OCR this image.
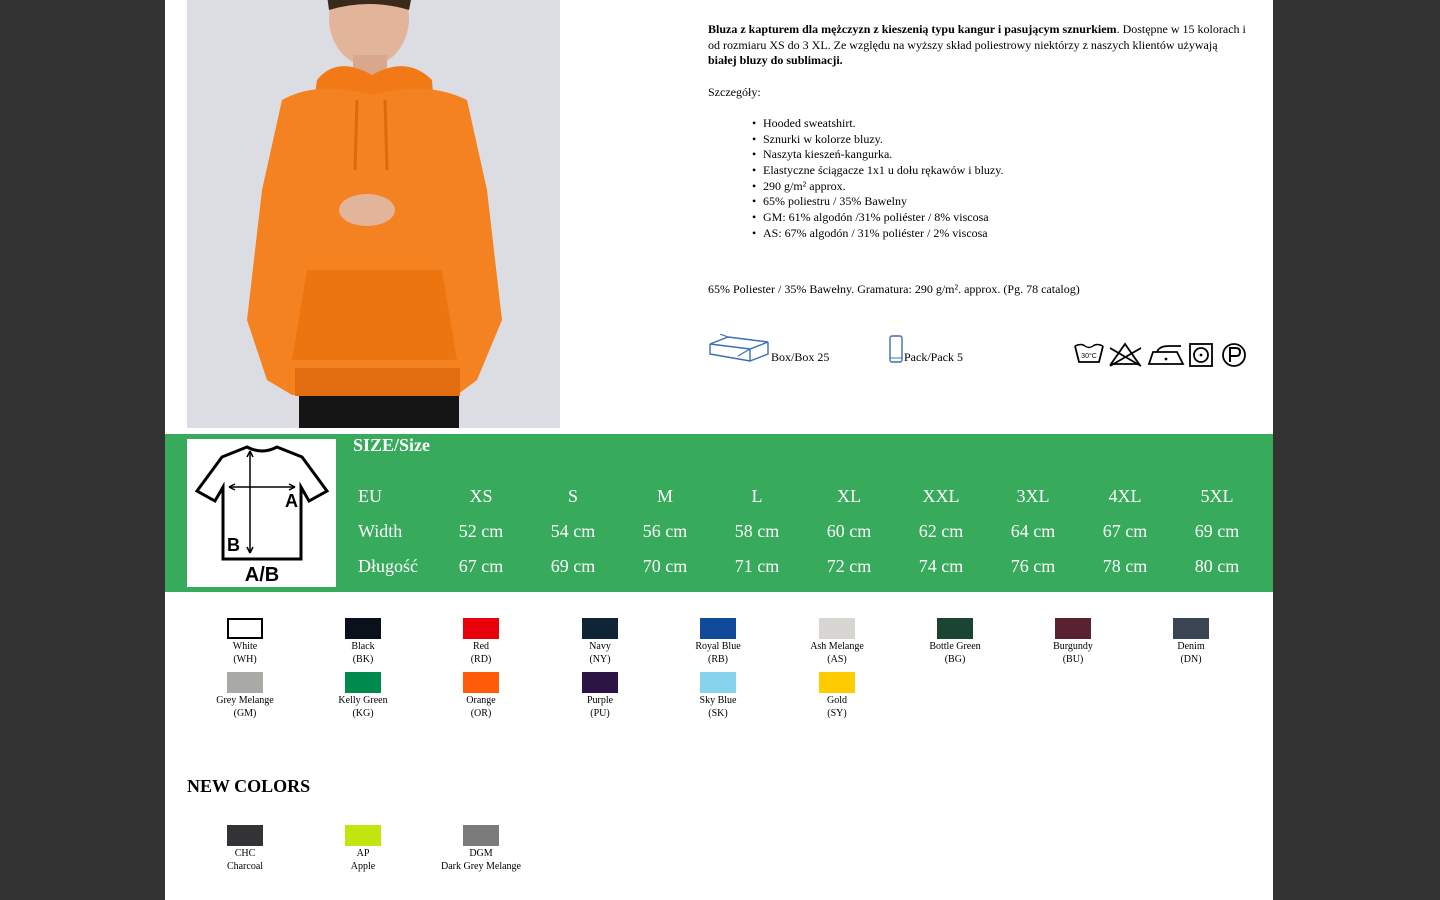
Bluza z kapturem dla mężczyzn z kieszenią typu kangur i pasującym sznurkiem. Dostępne w 15 kolorach i od rozmiaru XS do 3 XL. Ze względu na wyższy skład poliestrowy niektórzy z naszych klientów używają białej bluzy do sublimacji.

Szczegóły:

• Hooded sweatshirt.
• Sznurki w kolorze bluzy.
• Naszyta kieszeń-kangurka.
• Elastyczne ściągacze 1x1 u dołu rękawów i bluzy.
• 290 g/m² approx.
• 65% poliestru / 35% Bawelny
• GM: 61% algodón /31% poliéster / 8% viscosa
• AS: 67% algodón / 31% poliéster / 2% viscosa
65% Poliester / 35% Bawełny. Gramatura: 290 g/m². approx. (Pg. 78 catalog)
Box/Box 25	Pack/Pack 5	30°C
A
B
A/B
SIZE/Size
EU	XS	S	M	L	XL	XXL	3XL	4XL	5XL
Width	52 cm	54 cm	56 cm	58 cm	60 cm	62 cm	64 cm	67 cm	69 cm
Długość	67 cm	69 cm	70 cm	71 cm	72 cm	74 cm	76 cm	78 cm	80 cm
White
(WH)
Black
(BK)
Red
(RD)
Navy
(NY)
Royal Blue
(RB)
Ash Melange
(AS)
Bottle Green
(BG)
Burgundy
(BU)
Denim
(DN)
Grey Melange
(GM)
Kelly Green
(KG)
Orange
(OR)
Purple
(PU)
Sky Blue
(SK)
Gold
(SY)
NEW COLORS
CHC
Charcoal
AP
Apple
DGM
Dark Grey Melange
